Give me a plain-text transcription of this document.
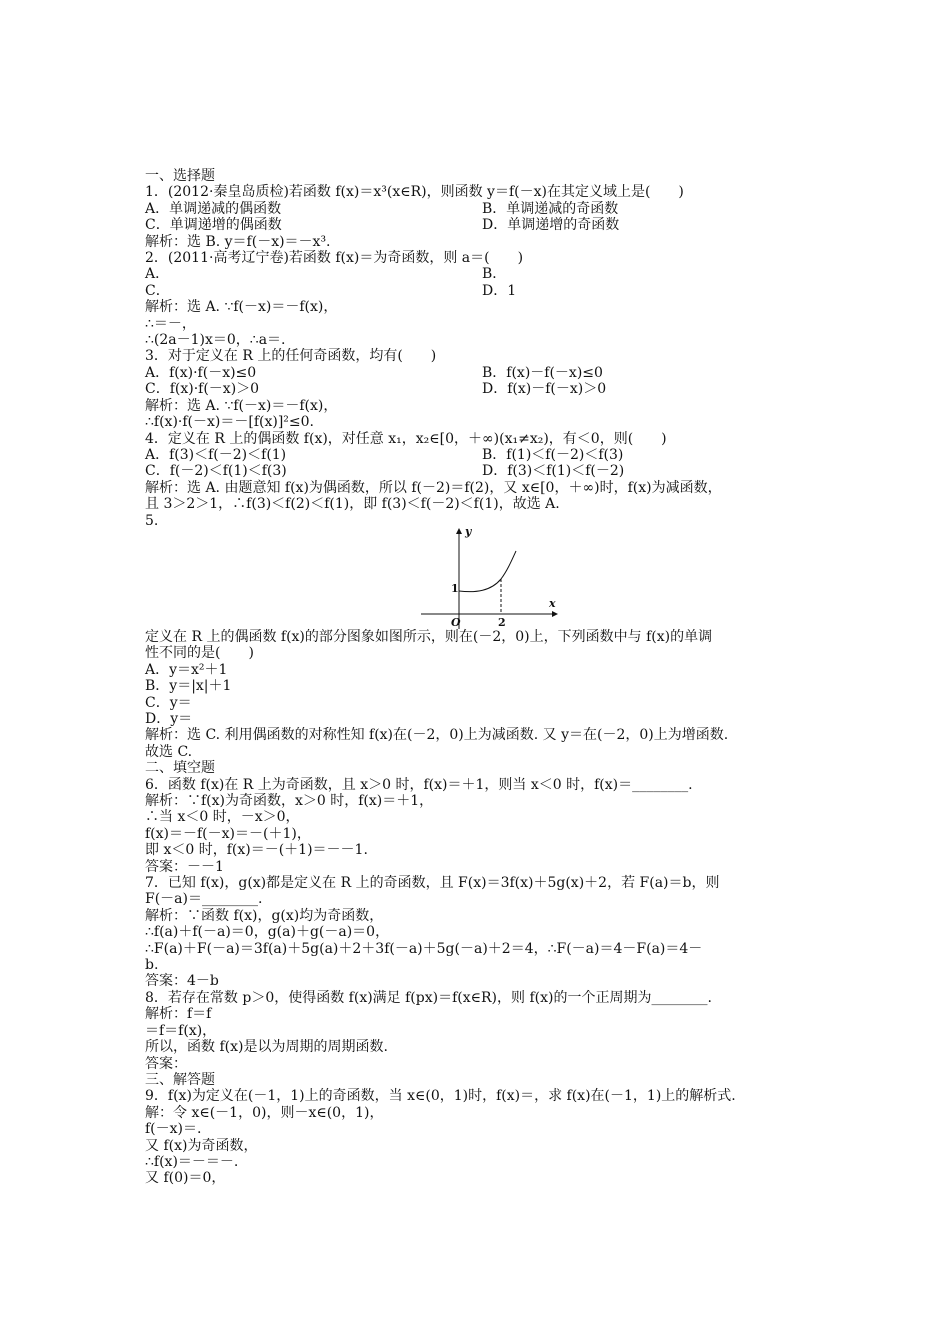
一、选择题
1．(2012·秦皇岛质检)若函数 f(x)＝x³(x∈R)，则函数 y＝f(－x)在其定义域上是(　　)
A．单调递减的偶函数	B．单调递减的奇函数
C．单调递增的偶函数	D．单调递增的奇函数
解析：选 B. y＝f(－x)＝－x³.
2．(2011·高考辽宁卷)若函数 f(x)＝为奇函数，则 a＝(　　)
A．	B．
C．	D．1
解析：选 A. ∵f(－x)＝－f(x)，
∴＝－，
∴(2a－1)x＝0，∴a＝.
3．对于定义在 R 上的任何奇函数，均有(　　)
A．f(x)·f(－x)≤0	B．f(x)－f(－x)≤0
C．f(x)·f(－x)＞0	D．f(x)－f(－x)＞0
解析：选 A. ∵f(－x)＝－f(x)，
∴f(x)·f(－x)＝－[f(x)]²≤0.
4．定义在 R 上的偶函数 f(x)，对任意 x₁，x₂∈[0，＋∞)(x₁≠x₂)，有＜0，则(　　)
A．f(3)＜f(－2)＜f(1)	B．f(1)＜f(－2)＜f(3)
C．f(－2)＜f(1)＜f(3)	D．f(3)＜f(1)＜f(－2)
解析：选 A. 由题意知 f(x)为偶函数，所以 f(－2)＝f(2)，又 x∈[0，＋∞)时，f(x)为减函数，
且 3＞2＞1，∴f(3)＜f(2)＜f(1)，即 f(3)＜f(－2)＜f(1)，故选 A.
5.
y
x
O
1
2
定义在 R 上的偶函数 f(x)的部分图象如图所示，则在(－2，0)上，下列函数中与 f(x)的单调
性不同的是(　　)
A．y＝x²＋1
B．y＝|x|＋1
C．y＝
D．y＝
解析：选 C. 利用偶函数的对称性知 f(x)在(－2，0)上为减函数. 又 y＝在(－2，0)上为增函数.
故选 C.
二、填空题
6．函数 f(x)在 R 上为奇函数，且 x＞0 时，f(x)＝＋1，则当 x＜0 时，f(x)＝________.
解析：∵f(x)为奇函数，x＞0 时，f(x)＝＋1，
∴当 x＜0 时，－x＞0，
f(x)＝－f(－x)＝－(＋1)，
即 x＜0 时，f(x)＝－(＋1)＝－－1.
答案：－－1
7．已知 f(x)，g(x)都是定义在 R 上的奇函数，且 F(x)＝3f(x)＋5g(x)＋2，若 F(a)＝b，则
F(－a)＝________.
解析：∵函数 f(x)，g(x)均为奇函数，
∴f(a)＋f(－a)＝0，g(a)＋g(－a)＝0，
∴F(a)＋F(－a)＝3f(a)＋5g(a)＋2＋3f(－a)＋5g(－a)＋2＝4，∴F(－a)＝4－F(a)＝4－
b.
答案：4－b
8．若存在常数 p＞0，使得函数 f(x)满足 f(px)＝f(x∈R)，则 f(x)的一个正周期为________.
解析：f＝f
＝f＝f(x)，
所以，函数 f(x)是以为周期的周期函数.
答案：
三、解答题
9．f(x)为定义在(－1，1)上的奇函数，当 x∈(0，1)时，f(x)＝，求 f(x)在(－1，1)上的解析式.
解：令 x∈(－1，0)，则－x∈(0，1)，
f(－x)＝.
又 f(x)为奇函数，
∴f(x)＝－＝－.
又 f(0)＝0，
